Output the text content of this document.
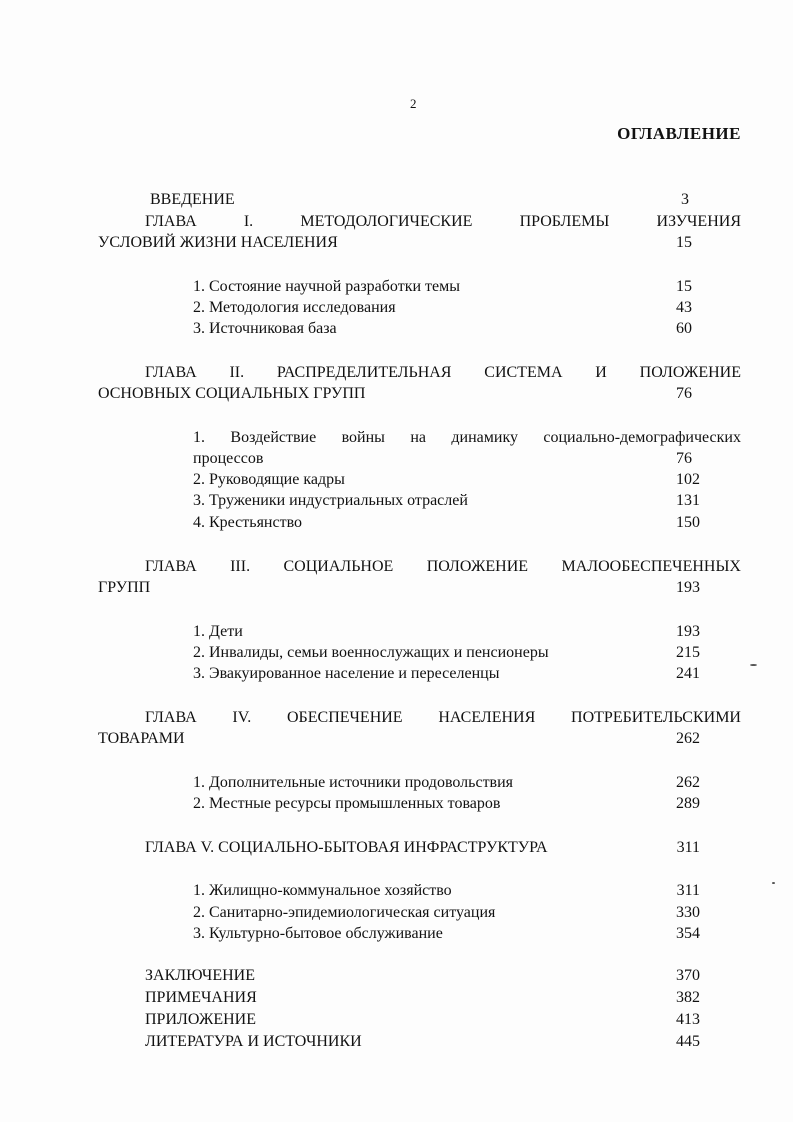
2
ОГЛАВЛЕНИЕ
ВВЕДЕНИЕ	3
ГЛАВА	I.	МЕТОДОЛОГИЧЕСКИЕ	ПРОБЛЕМЫ	ИЗУЧЕНИЯ
УСЛОВИЙ ЖИЗНИ НАСЕЛЕНИЯ	15
1. Состояние научной разработки темы	15
2. Методология исследования	43
3. Источниковая база	60
ГЛАВА II. РАСПРЕДЕЛИТЕЛЬНАЯ СИСТЕМА И ПОЛОЖЕНИЕ
ОСНОВНЫХ СОЦИАЛЬНЫХ ГРУПП	76
1. Воздействие войны на динамику социально-демографических
процессов	76
2. Руководящие кадры	102
3. Труженики индустриальных отраслей	131
4. Крестьянство	150
ГЛАВА III. СОЦИАЛЬНОЕ ПОЛОЖЕНИЕ МАЛООБЕСПЕЧЕННЫХ
ГРУПП	193
1. Дети	193
2. Инвалиды, семьи военнослужащих и пенсионеры	215
3. Эвакуированное население и переселенцы	241
ГЛАВА IV. ОБЕСПЕЧЕНИЕ НАСЕЛЕНИЯ ПОТРЕБИТЕЛЬСКИМИ
ТОВАРАМИ	262
1. Дополнительные источники продовольствия	262
2. Местные ресурсы промышленных товаров	289
ГЛАВА V. СОЦИАЛЬНО-БЫТОВАЯ ИНФРАСТРУКТУРА	311
1. Жилищно-коммунальное хозяйство	311
2. Санитарно-эпидемиологическая ситуация	330
3. Культурно-бытовое обслуживание	354
ЗАКЛЮЧЕНИЕ	370
ПРИМЕЧАНИЯ	382
ПРИЛОЖЕНИЕ	413
ЛИТЕРАТУРА И ИСТОЧНИКИ	445
